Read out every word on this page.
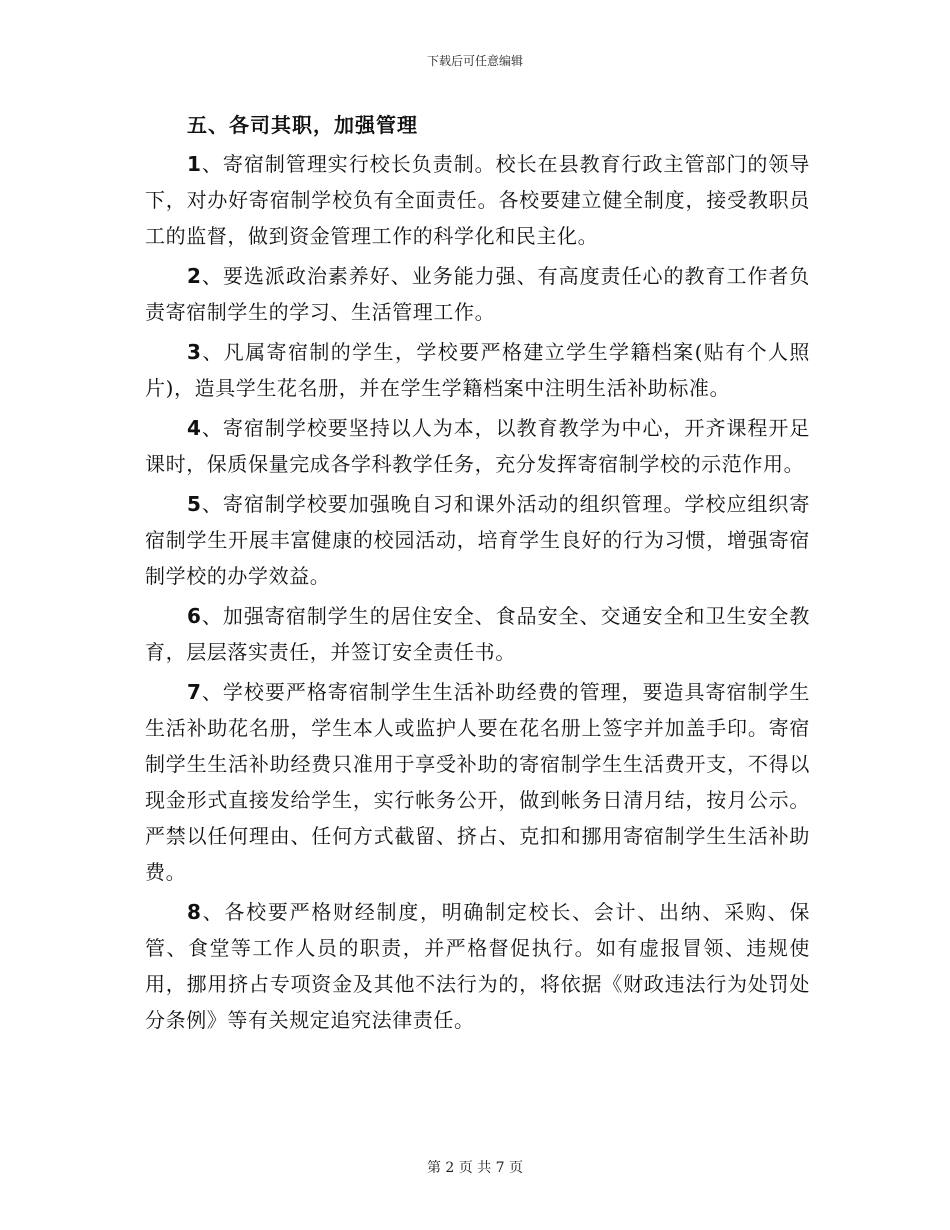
下载后可任意编辑
五、各司其职，加强管理

1、寄宿制管理实行校长负责制。校长在县教育行政主管部门的领导下，对办好寄宿制学校负有全面责任。各校要建立健全制度，接受教职员工的监督，做到资金管理工作的科学化和民主化。

2、要选派政治素养好、业务能力强、有高度责任心的教育工作者负责寄宿制学生的学习、生活管理工作。

3、凡属寄宿制的学生，学校要严格建立学生学籍档案(贴有个人照片)，造具学生花名册，并在学生学籍档案中注明生活补助标准。

4、寄宿制学校要坚持以人为本，以教育教学为中心，开齐课程开足课时，保质保量完成各学科教学任务，充分发挥寄宿制学校的示范作用。

5、寄宿制学校要加强晚自习和课外活动的组织管理。学校应组织寄宿制学生开展丰富健康的校园活动，培育学生良好的行为习惯，增强寄宿制学校的办学效益。

6、加强寄宿制学生的居住安全、食品安全、交通安全和卫生安全教育，层层落实责任，并签订安全责任书。

7、学校要严格寄宿制学生生活补助经费的管理，要造具寄宿制学生生活补助花名册，学生本人或监护人要在花名册上签字并加盖手印。寄宿制学生生活补助经费只准用于享受补助的寄宿制学生生活费开支，不得以现金形式直接发给学生，实行帐务公开，做到帐务日清月结，按月公示。严禁以任何理由、任何方式截留、挤占、克扣和挪用寄宿制学生生活补助费。

8、各校要严格财经制度，明确制定校长、会计、出纳、采购、保管、食堂等工作人员的职责，并严格督促执行。如有虚报冒领、违规使用，挪用挤占专项资金及其他不法行为的，将依据《财政违法行为处罚处分条例》等有关规定追究法律责任。

第 2 页 共 7 页
